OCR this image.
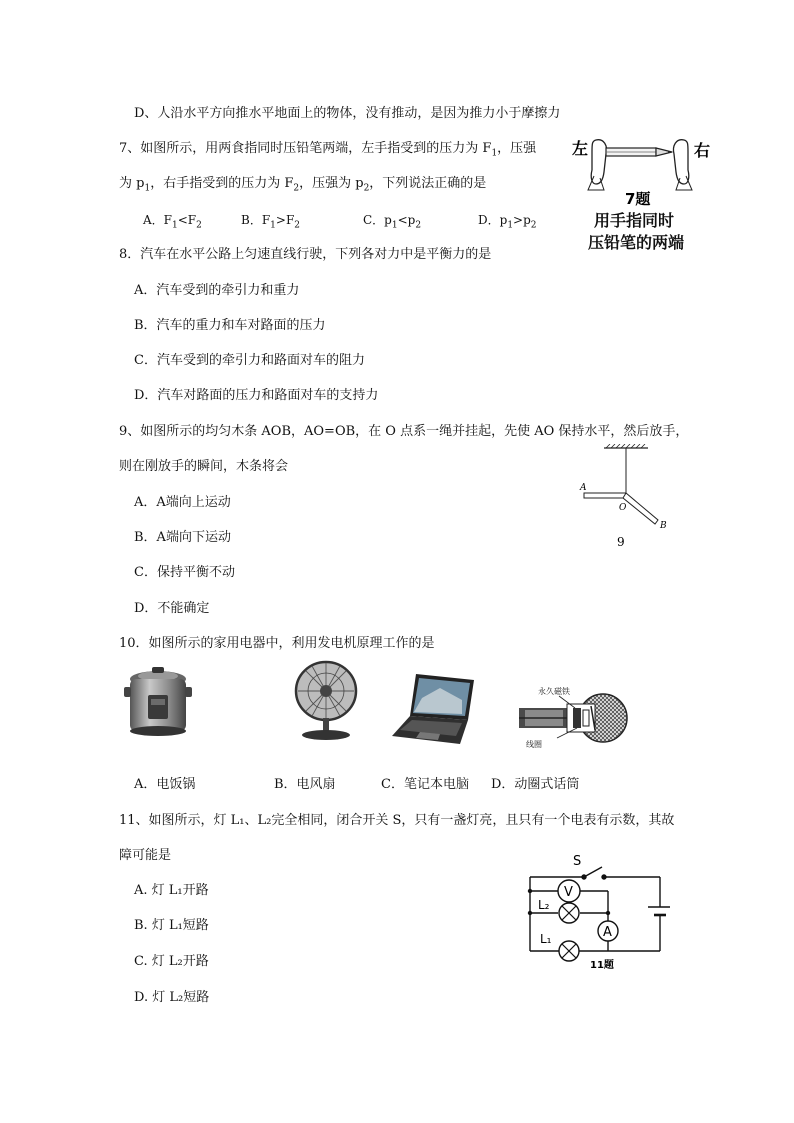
D、人沿水平方向推水平地面上的物体，没有推动，是因为推力小于摩擦力
7、如图所示，用两食指同时压铅笔两端，左手指受到的压力为 $F_1$，压强
为 $p_1$，右手指受到的压力为 $F_2$，压强为 $p_2$，下列说法正确的是
A．$F_1<F_2$	B．$F_1>F_2$	C．$p_1<p_2$	D．$p_1>p_2$
左	右
7题
用手指同时
压铅笔的两端
8．汽车在水平公路上匀速直线行驶，下列各对力中是平衡力的是
A．汽车受到的牵引力和重力
B．汽车的重力和车对路面的压力
C．汽车受到的牵引力和路面对车的阻力
D．汽车对路面的压力和路面对车的支持力
9、如图所示的均匀木条 AOB，AO=OB，在 O 点系一绳并挂起，先使 AO 保持水平，然后放手，
则在刚放手的瞬间，木条将会
A．A端向上运动
B．A端向下运动
C．保持平衡不动
D．不能确定
A
O
B
9
10．如图所示的家用电器中，利用发电机原理工作的是
永久磁铁
线圈
A．电饭锅	B．电风扇	C．笔记本电脑 D．动圈式话筒
11、如图所示，灯 L₁、L₂完全相同，闭合开关 S，只有一盏灯亮，且只有一个电表有示数，其故
障可能是
A. 灯 L₁开路
B. 灯 L₁短路
C. 灯 L₂开路
D. 灯 L₂短路
V
A
S
L₂
L₁
11题
